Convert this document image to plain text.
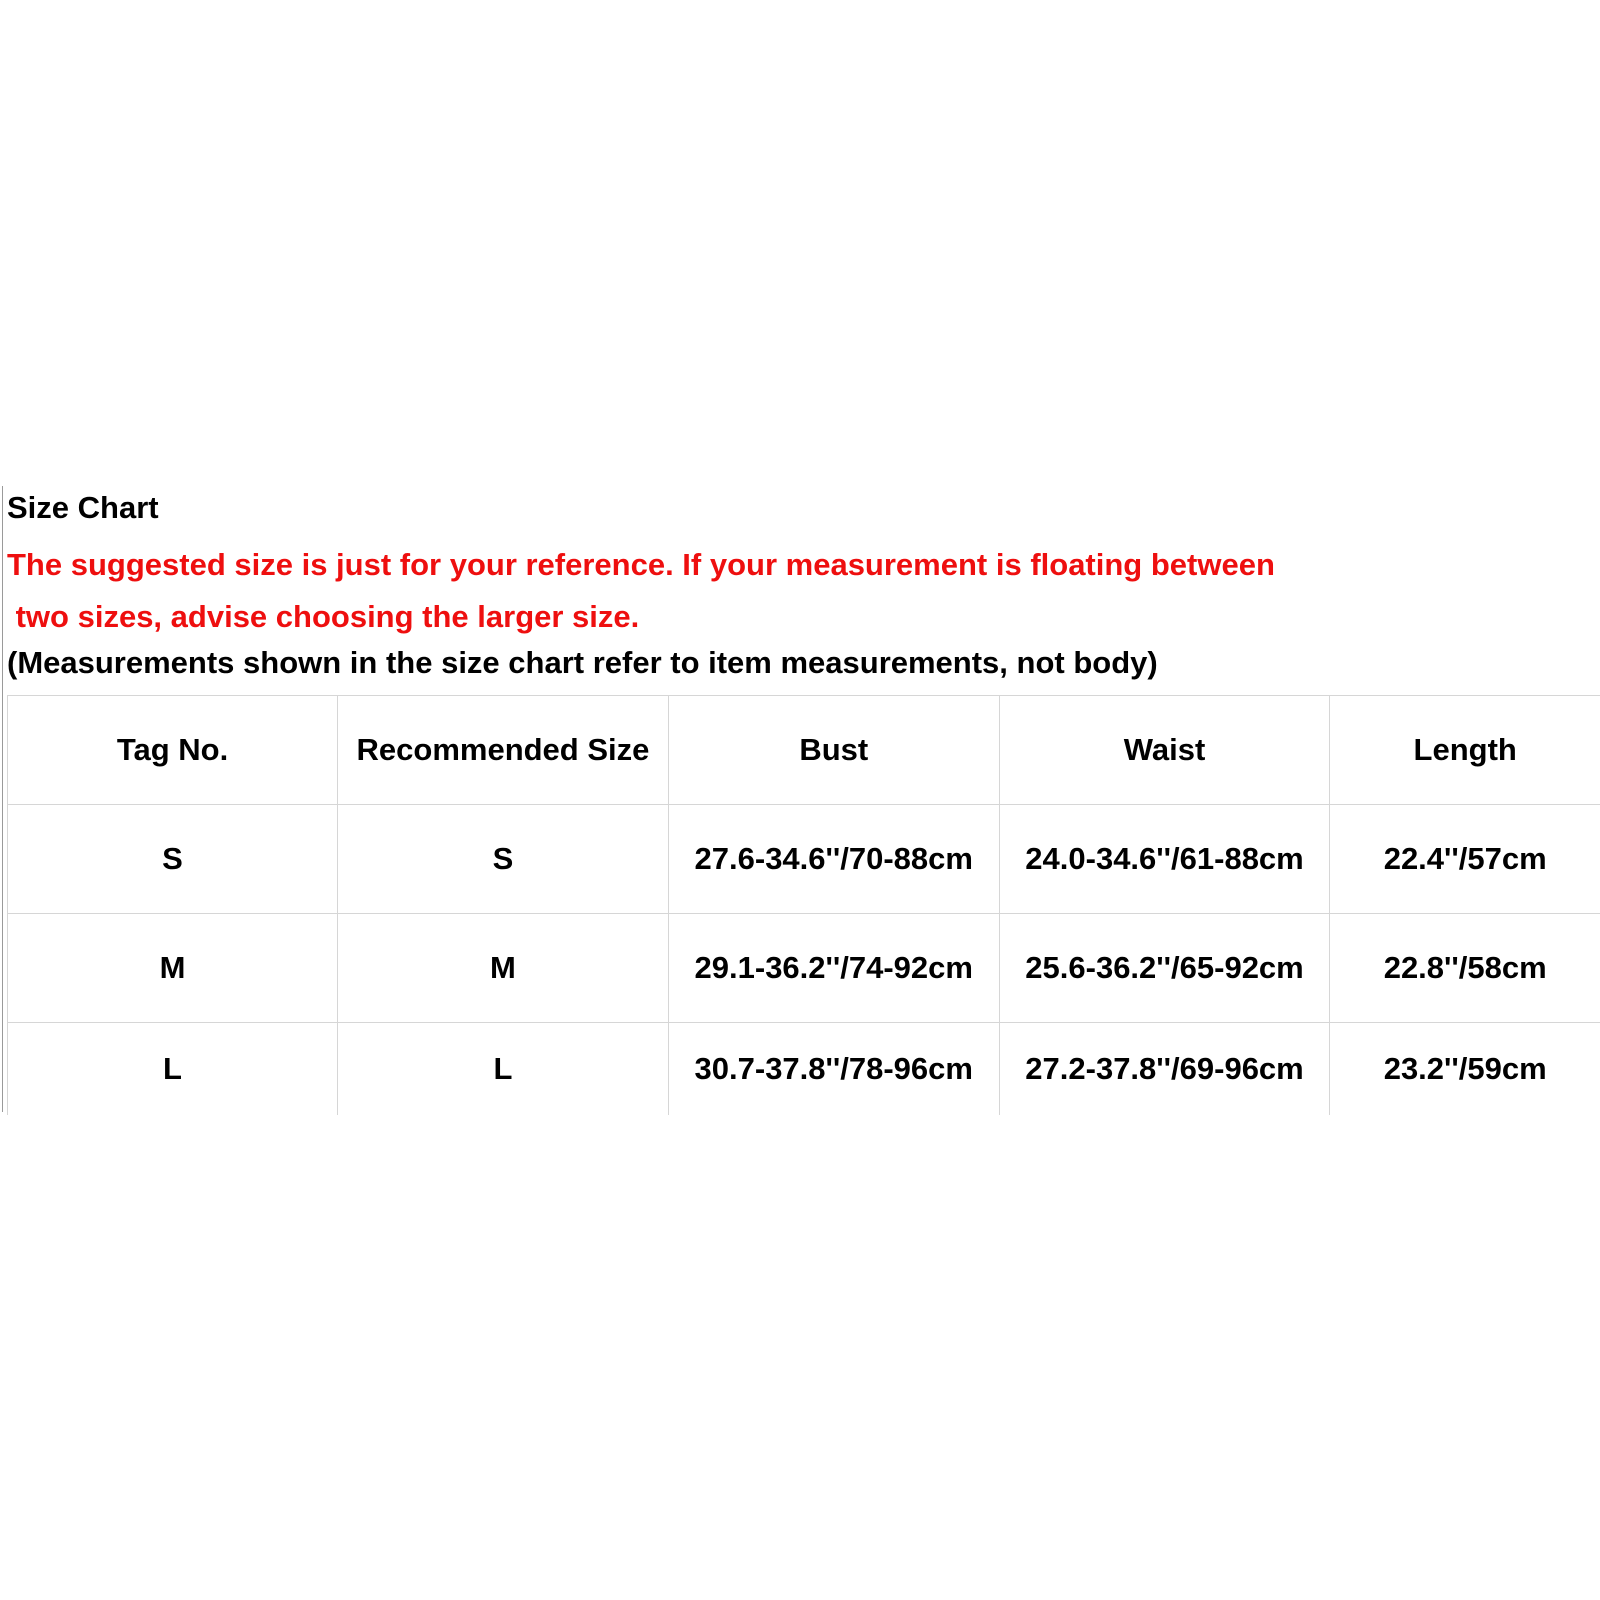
Size Chart

The suggested size is just for your reference. If your measurement is floating between
two sizes, advise choosing the larger size.

(Measurements shown in the size chart refer to item measurements, not body)

Tag No.	Recommended Size	Bust	Waist	Length
S	S	27.6-34.6''/70-88cm	24.0-34.6''/61-88cm	22.4''/57cm
M	M	29.1-36.2''/74-92cm	25.6-36.2''/65-92cm	22.8''/58cm
L	L	30.7-37.8''/78-96cm	27.2-37.8''/69-96cm	23.2''/59cm
